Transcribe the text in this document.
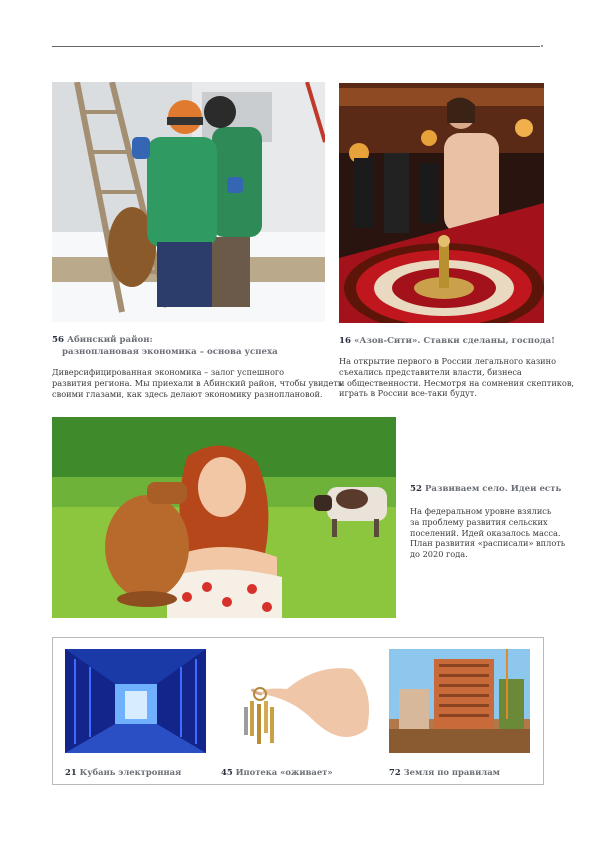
56 Абинский район:
разноплановая экономика – основа успеха
Диверсифицированная экономика – залог успешного
развития региона. Мы приехали в Абинский район, чтобы увидеть
своими глазами, как здесь делают экономику разноплановой.
16 «Азов-Сити». Ставки сделаны, господа!
На открытие первого в России легального казино
съехались представители власти, бизнеса
и общественности. Несмотря на сомнения скептиков,
играть в России все-таки будут.
52 Развиваем село. Идеи есть
На федеральном уровне взялись
за проблему развития сельских
поселений. Идей оказалось масса.
План развития «расписали» вплоть
до 2020 года.
21 Кубань электронная	45 Ипотека «оживает»	72 Земля по правилам
